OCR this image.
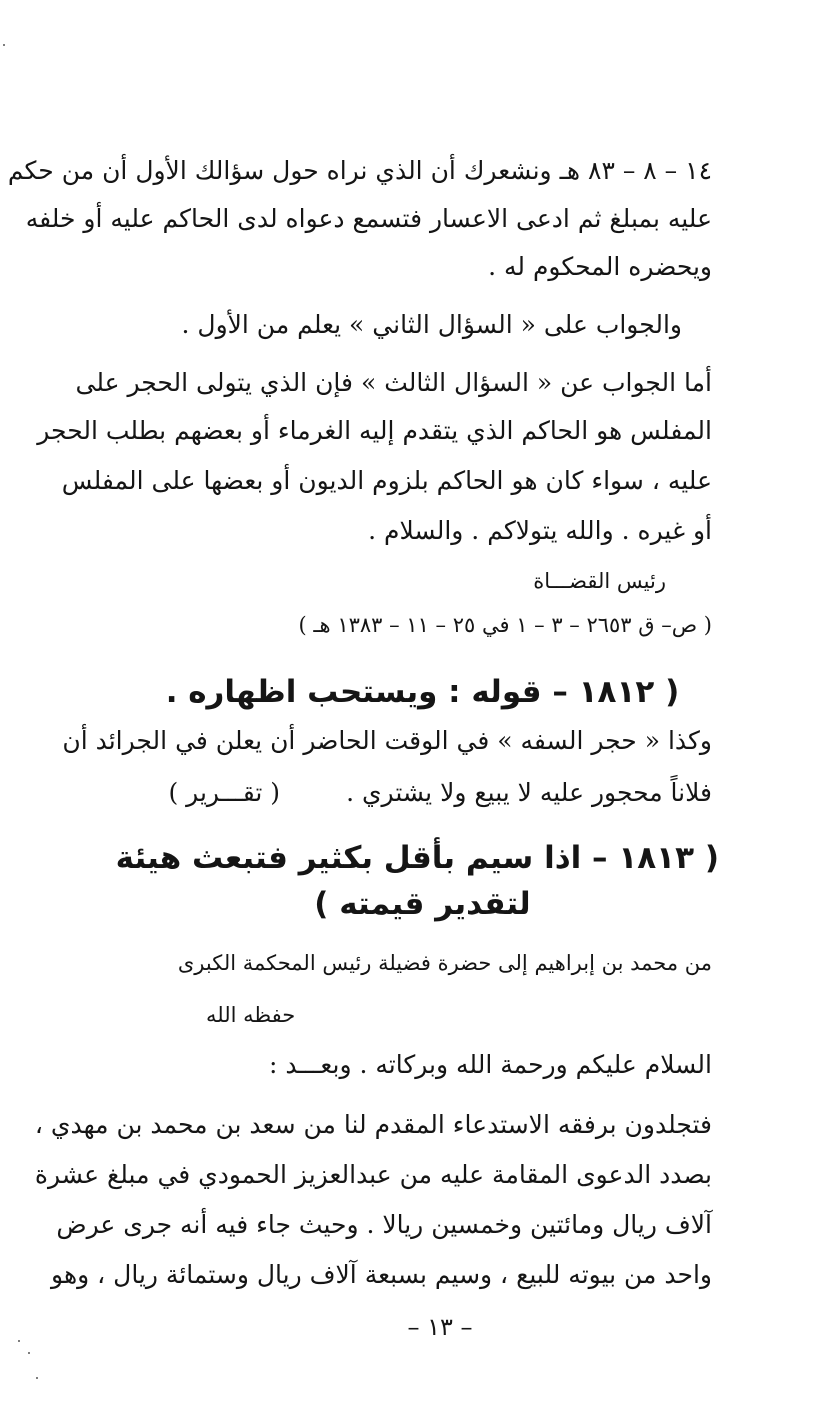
١٤ – ٨ – ٨٣ هـ ونشعرك أن الذي نراه حول سؤالك الأول أن من حكم
عليه بمبلغ ثم ادعى الاعسار فتسمع دعواه لدى الحاكم عليه أو خلفه
ويحضره المحكوم له .
والجواب على « السؤال الثاني » يعلم من الأول .
أما الجواب عن « السؤال الثالث » فإن الذي يتولى الحجر على
المفلس هو الحاكم الذي يتقدم إليه الغرماء أو بعضهم بطلب الحجر
عليه ، سواء كان هو الحاكم بلزوم الديون أو بعضها على المفلس
أو غيره . والله يتولاكم . والسلام .
رئيس القضـــاة
( ص– ق ٢٦٥٣ – ٣ – ١ في ٢٥ – ١١ – ١٣٨٣ هـ )
( ١٨١٢ – قوله : ويستحب اظهاره .
وكذا « حجر السفه » في الوقت الحاضر أن يعلن في الجرائد أن
فلاناً محجور عليه لا يبيع ولا يشتري .
( تقـــرير )
( ١٨١٣ – اذا سيم بأقل بكثير فتبعث هيئة
لتقدير قيمته )
من محمد بن إبراهيم إلى حضرة فضيلة رئيس المحكمة الكبرى
حفظه الله
السلام عليكم ورحمة الله وبركاته . وبعـــد :
فتجلدون برفقه الاستدعاء المقدم لنا من سعد بن محمد بن مهدي ،
بصدد الدعوى المقامة عليه من عبدالعزيز الحمودي في مبلغ عشرة
آلاف ريال ومائتين وخمسين ريالا . وحيث جاء فيه أنه جرى عرض
واحد من بيوته للبيع ، وسيم بسبعة آلاف ريال وستمائة ريال ، وهو
– ١٣ –
